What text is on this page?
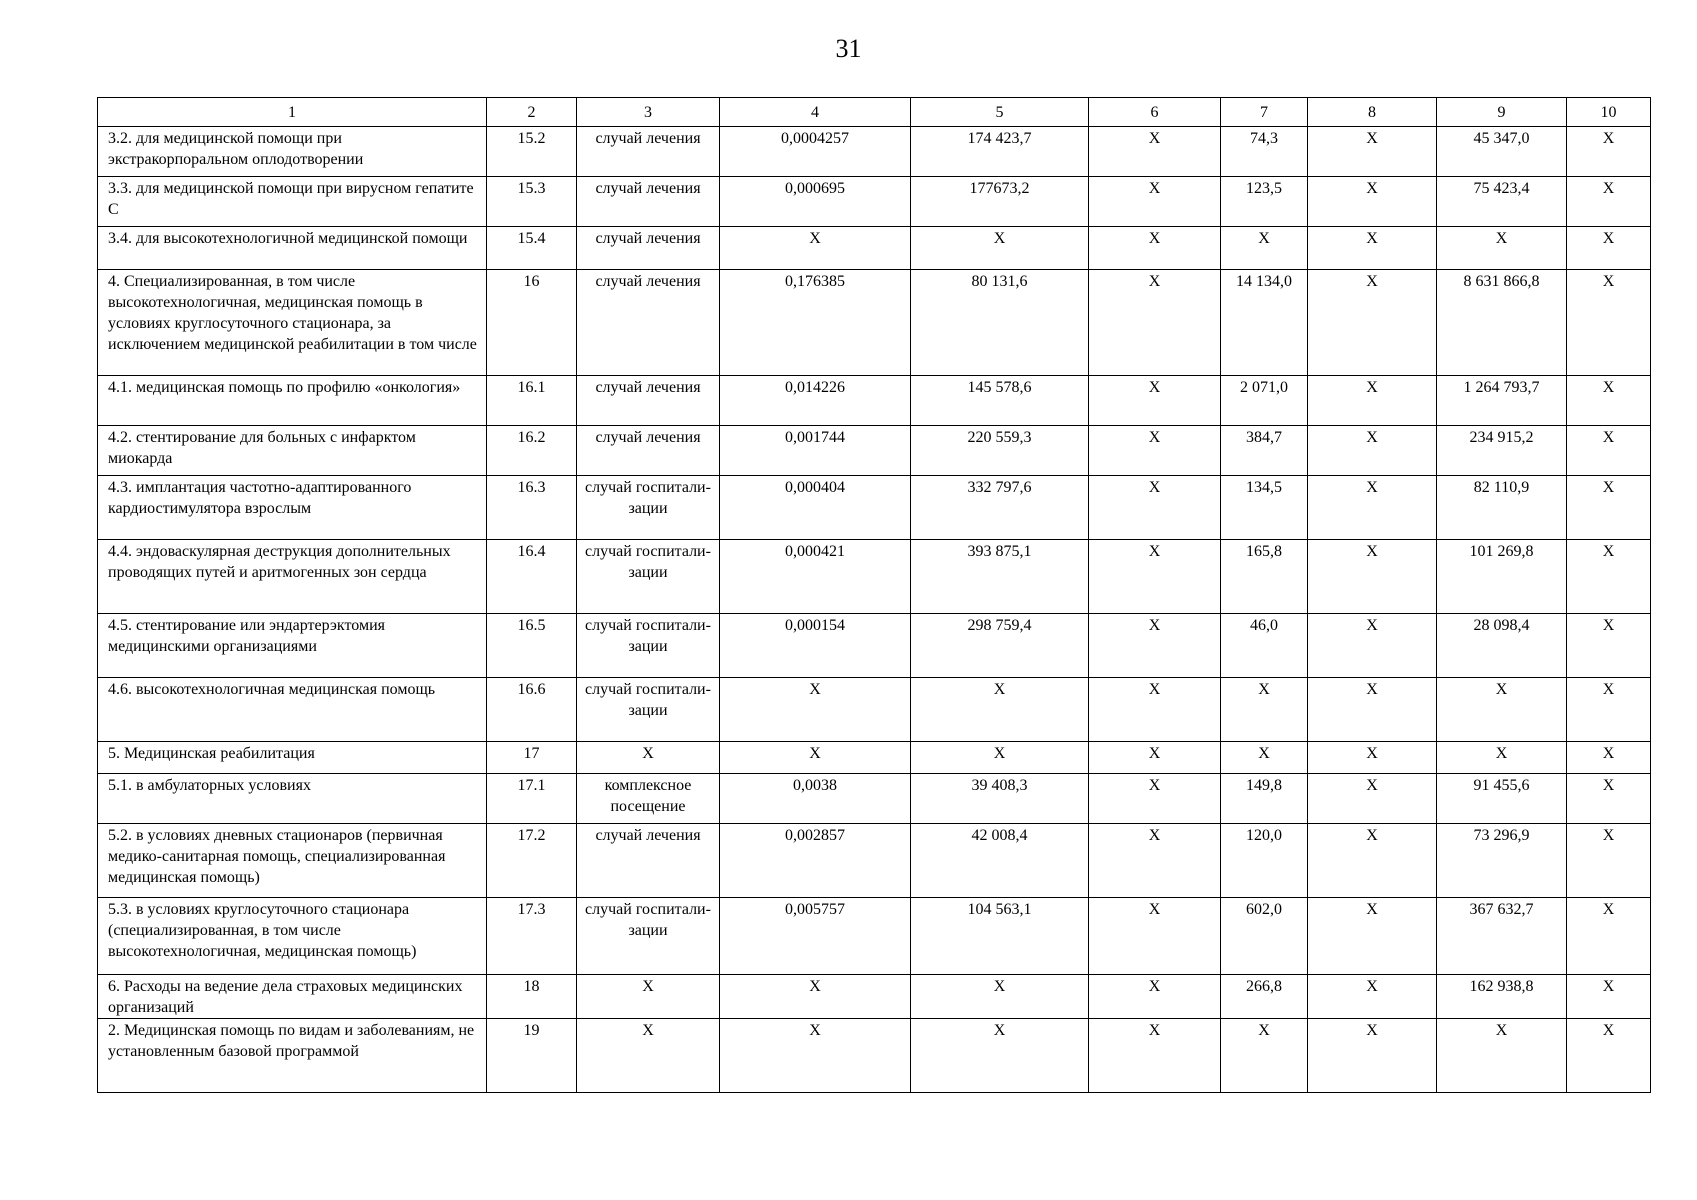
31
1	2	3	4	5	6	7	8	9	10
3.2. для медицинской помощи при экстракорпоральном оплодотворении	15.2	случай лечения	0,0004257	174 423,7	X	74,3	X	45 347,0	X
3.3. для медицинской помощи при вирусном гепатите С	15.3	случай лечения	0,000695	177673,2	X	123,5	X	75 423,4	X
3.4. для высокотехнологичной медицинской помощи	15.4	случай лечения	X	X	X	X	X	X	X
4. Специализированная, в том числе высокотехнологичная, медицинская помощь в условиях круглосуточного стационара, за исключением медицинской реабилитации в том числе	16	случай лечения	0,176385	80 131,6	X	14 134,0	X	8 631 866,8	X
4.1. медицинская помощь по профилю «онкология»	16.1	случай лечения	0,014226	145 578,6	X	2 071,0	X	1 264 793,7	X
4.2. стентирование для больных с инфарктом миокарда	16.2	случай лечения	0,001744	220 559,3	X	384,7	X	234 915,2	X
4.3. имплантация частотно-адаптированного кардиостимулятора взрослым	16.3	случай госпитали-зации	0,000404	332 797,6	X	134,5	X	82 110,9	X
4.4. эндоваскулярная деструкция дополнительных проводящих путей и аритмогенных зон сердца	16.4	случай госпитали-зации	0,000421	393 875,1	X	165,8	X	101 269,8	X
4.5. стентирование или эндартерэктомия медицинскими организациями	16.5	случай госпитали-зации	0,000154	298 759,4	X	46,0	X	28 098,4	X
4.6. высокотехнологичная медицинская помощь	16.6	случай госпитали-зации	X	X	X	X	X	X	X
5. Медицинская реабилитация	17	X	X	X	X	X	X	X	X
5.1. в амбулаторных условиях	17.1	комплексное посещение	0,0038	39 408,3	X	149,8	X	91 455,6	X
5.2. в условиях дневных стационаров (первичная медико-санитарная помощь, специализированная медицинская помощь)	17.2	случай лечения	0,002857	42 008,4	X	120,0	X	73 296,9	X
5.3. в условиях круглосуточного стационара (специализированная, в том числе высокотехнологичная, медицинская помощь)	17.3	случай госпитали-зации	0,005757	104 563,1	X	602,0	X	367 632,7	X
6. Расходы на ведение дела страховых медицинских организаций	18	X	X	X	X	266,8	X	162 938,8	X
2. Медицинская помощь по видам и заболеваниям, не установленным базовой программой	19	X	X	X	X	X	X	X	X
